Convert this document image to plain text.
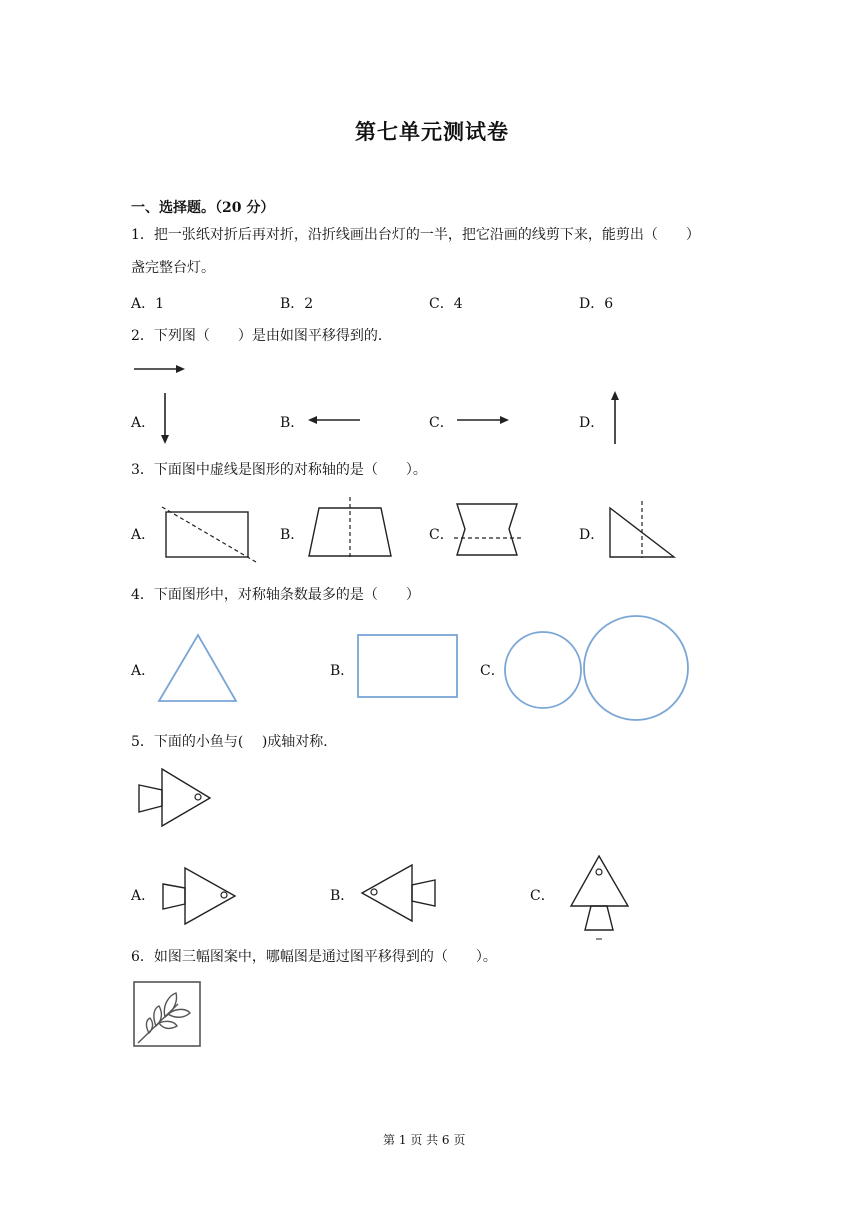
第七单元测试卷
一、选择题。（20 分）
1．把一张纸对折后再对折，沿折线画出台灯的一半，把它沿画的线剪下来，能剪出（　　）
盏完整台灯。
A．1	B．2	C．4	D．6
2．下列图（　　）是由如图平移得到的．
A．	B．	C．	D．
3．下面图中虚线是图形的对称轴的是（　　）。
A．	B．	C．	D．
4．下面图形中，对称轴条数最多的是（　　）
A．	B．	C．
5．下面的小鱼与(　 )成轴对称．
A．	B．	C．
6．如图三幅图案中，哪幅图是通过图平移得到的（　　）。
第 1 页 共 6 页
